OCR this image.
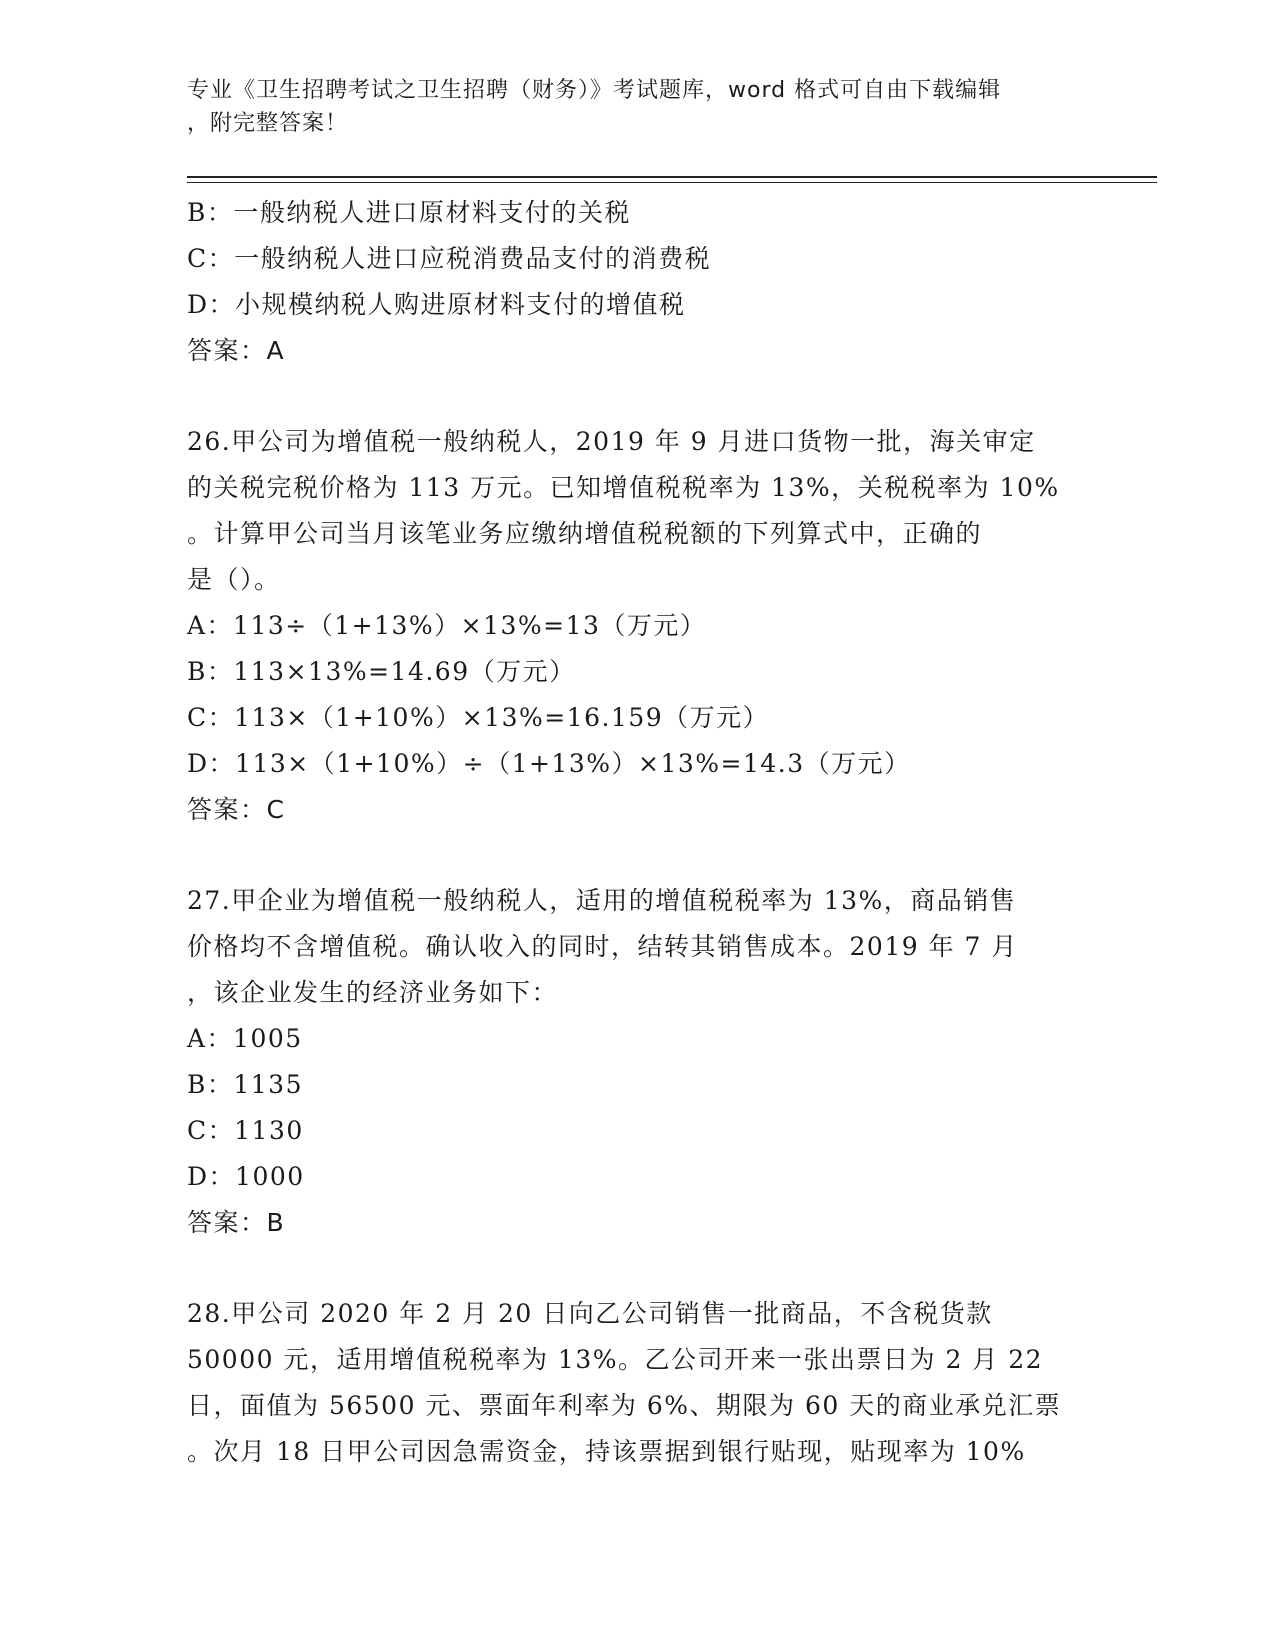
专业《卫生招聘考试之卫生招聘（财务）》考试题库，word 格式可自由下载编辑
，附完整答案！
B：一般纳税人进口原材料支付的关税
C：一般纳税人进口应税消费品支付的消费税
D：小规模纳税人购进原材料支付的增值税
答案：A
26.甲公司为增值税一般纳税人，2019 年 9 月进口货物一批，海关审定
的关税完税价格为 113 万元。已知增值税税率为 13%，关税税率为 10%
。计算甲公司当月该笔业务应缴纳增值税税额的下列算式中，正确的
是（）。
A：113÷（1+13%）×13%=13（万元）
B：113×13%=14.69（万元）
C：113×（1+10%）×13%=16.159（万元）
D：113×（1+10%）÷（1+13%）×13%=14.3（万元）
答案：C
27.甲企业为增值税一般纳税人，适用的增值税税率为 13%，商品销售
价格均不含增值税。确认收入的同时，结转其销售成本。2019 年 7 月
，该企业发生的经济业务如下：
A：1005
B：1135
C：1130
D：1000
答案：B
28.甲公司 2020 年 2 月 20 日向乙公司销售一批商品，不含税货款
50000 元，适用增值税税率为 13%。乙公司开来一张出票日为 2 月 22
日，面值为 56500 元、票面年利率为 6%、期限为 60 天的商业承兑汇票
。次月 18 日甲公司因急需资金，持该票据到银行贴现，贴现率为 10%
